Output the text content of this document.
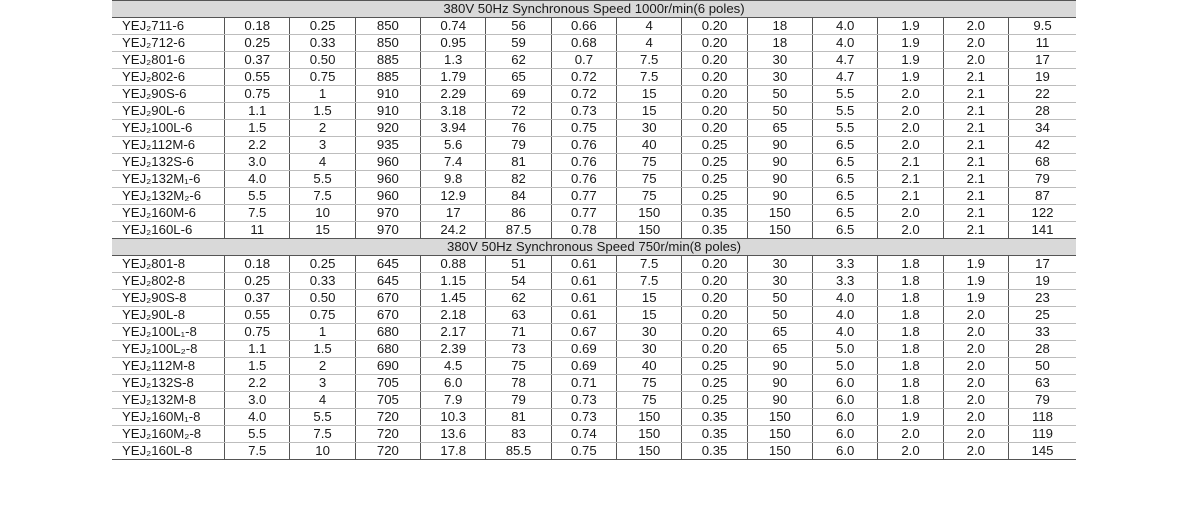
380V 50Hz Synchronous Speed 1000r/min(6 poles)													
YEJ₂711-6	0.18	0.25	850	0.74	56	0.66	4	0.20	18	4.0	1.9	2.0	9.5
YEJ₂712-6	0.25	0.33	850	0.95	59	0.68	4	0.20	18	4.0	1.9	2.0	11
YEJ₂801-6	0.37	0.50	885	1.3	62	0.7	7.5	0.20	30	4.7	1.9	2.0	17
YEJ₂802-6	0.55	0.75	885	1.79	65	0.72	7.5	0.20	30	4.7	1.9	2.1	19
YEJ₂90S-6	0.75	1	910	2.29	69	0.72	15	0.20	50	5.5	2.0	2.1	22
YEJ₂90L-6	1.1	1.5	910	3.18	72	0.73	15	0.20	50	5.5	2.0	2.1	28
YEJ₂100L-6	1.5	2	920	3.94	76	0.75	30	0.20	65	5.5	2.0	2.1	34
YEJ₂112M-6	2.2	3	935	5.6	79	0.76	40	0.25	90	6.5	2.0	2.1	42
YEJ₂132S-6	3.0	4	960	7.4	81	0.76	75	0.25	90	6.5	2.1	2.1	68
YEJ₂132M₁-6	4.0	5.5	960	9.8	82	0.76	75	0.25	90	6.5	2.1	2.1	79
YEJ₂132M₂-6	5.5	7.5	960	12.9	84	0.77	75	0.25	90	6.5	2.1	2.1	87
YEJ₂160M-6	7.5	10	970	17	86	0.77	150	0.35	150	6.5	2.0	2.1	122
YEJ₂160L-6	11	15	970	24.2	87.5	0.78	150	0.35	150	6.5	2.0	2.1	141
380V 50Hz Synchronous Speed 750r/min(8 poles)													
YEJ₂801-8	0.18	0.25	645	0.88	51	0.61	7.5	0.20	30	3.3	1.8	1.9	17
YEJ₂802-8	0.25	0.33	645	1.15	54	0.61	7.5	0.20	30	3.3	1.8	1.9	19
YEJ₂90S-8	0.37	0.50	670	1.45	62	0.61	15	0.20	50	4.0	1.8	1.9	23
YEJ₂90L-8	0.55	0.75	670	2.18	63	0.61	15	0.20	50	4.0	1.8	2.0	25
YEJ₂100L₁-8	0.75	1	680	2.17	71	0.67	30	0.20	65	4.0	1.8	2.0	33
YEJ₂100L₂-8	1.1	1.5	680	2.39	73	0.69	30	0.20	65	5.0	1.8	2.0	28
YEJ₂112M-8	1.5	2	690	4.5	75	0.69	40	0.25	90	5.0	1.8	2.0	50
YEJ₂132S-8	2.2	3	705	6.0	78	0.71	75	0.25	90	6.0	1.8	2.0	63
YEJ₂132M-8	3.0	4	705	7.9	79	0.73	75	0.25	90	6.0	1.8	2.0	79
YEJ₂160M₁-8	4.0	5.5	720	10.3	81	0.73	150	0.35	150	6.0	1.9	2.0	118
YEJ₂160M₂-8	5.5	7.5	720	13.6	83	0.74	150	0.35	150	6.0	2.0	2.0	119
YEJ₂160L-8	7.5	10	720	17.8	85.5	0.75	150	0.35	150	6.0	2.0	2.0	145
